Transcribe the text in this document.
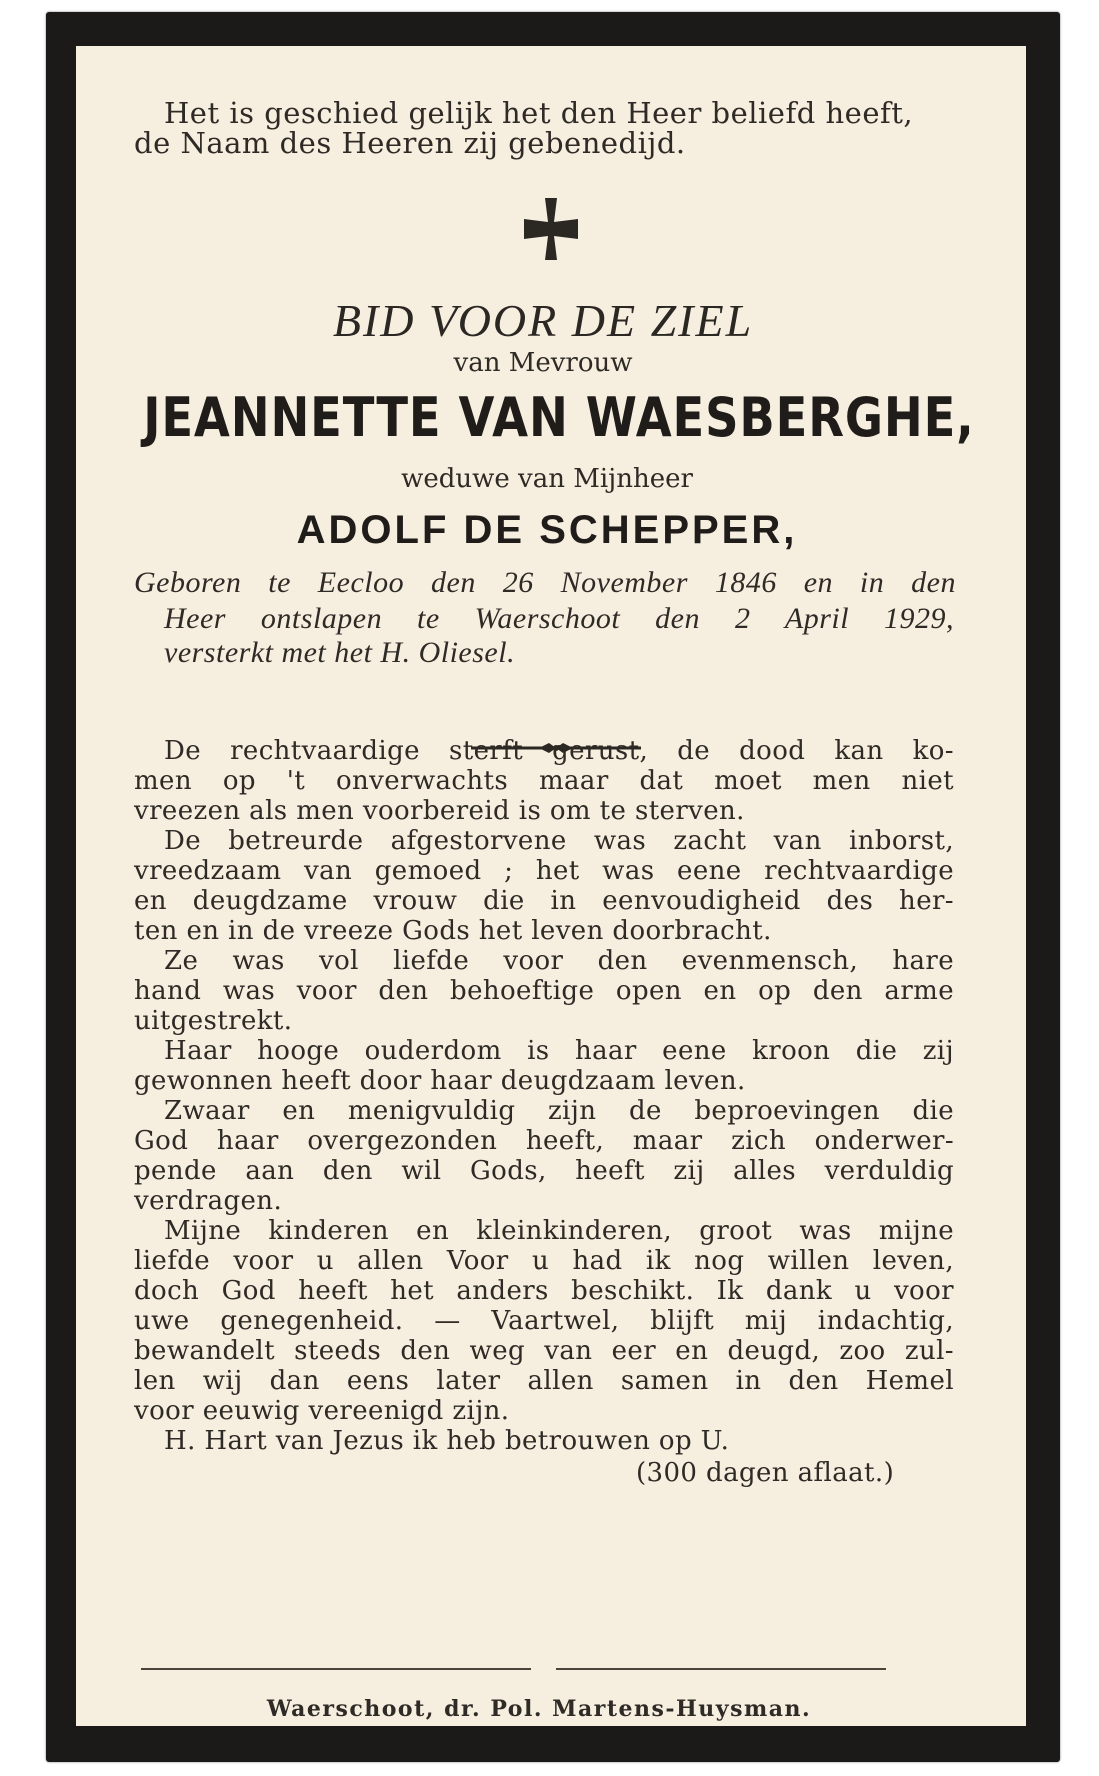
Het is geschied gelijk het den Heer beliefd heeft,
de Naam des Heeren zij gebenedijd.
BID VOOR DE ZIEL
van Mevrouw
JEANNETTE VAN WAESBERGHE,
weduwe van Mijnheer
ADOLF DE SCHEPPER,
Geboren te Eecloo den 26 November 1846 en in den
Heer ontslapen te Waerschoot den 2 April 1929,
versterkt met het H. Oliesel.
De rechtvaardige sterft gerust, de dood kan ko-
men op 't onverwachts maar dat moet men niet
vreezen als men voorbereid is om te sterven.
De betreurde afgestorvene was zacht van inborst,
vreedzaam van gemoed ; het was eene rechtvaardige
en deugdzame vrouw die in eenvoudigheid des her-
ten en in de vreeze Gods het leven doorbracht.
Ze was vol liefde voor den evenmensch, hare
hand was voor den behoeftige open en op den arme
uitgestrekt.
Haar hooge ouderdom is haar eene kroon die zij
gewonnen heeft door haar deugdzaam leven.
Zwaar en menigvuldig zijn de beproevingen die
God haar overgezonden heeft, maar zich onderwer-
pende aan den wil Gods, heeft zij alles verduldig
verdragen.
Mijne kinderen en kleinkinderen, groot was mijne
liefde voor u allen Voor u had ik nog willen leven,
doch God heeft het anders beschikt. Ik dank u voor
uwe genegenheid. — Vaartwel, blijft mij indachtig,
bewandelt steeds den weg van eer en deugd, zoo zul-
len wij dan eens later allen samen in den Hemel
voor eeuwig vereenigd zijn.
H. Hart van Jezus ik heb betrouwen op U.
(300 dagen aflaat.)
Waerschoot, dr. Pol. Martens-Huysman.
